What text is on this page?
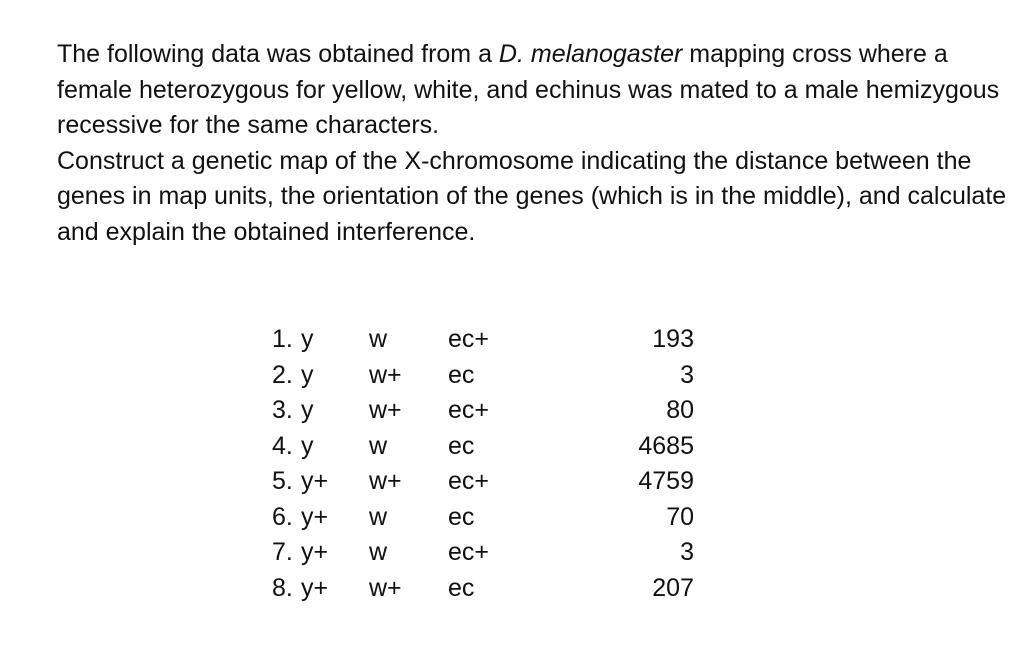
The following data was obtained from a D. melanogaster mapping cross where a female heterozygous for yellow, white, and echinus was mated to a male hemizygous recessive for the same characters.

Construct a genetic map of the X-chromosome indicating the distance between the genes in map units, the orientation of the genes (which is in the middle), and calculate and explain the obtained interference.

1. y w ec+	193
2. y w+ ec	3
3. y w+ ec+	80
4. y w ec	4685
5. y+ w+ ec+	4759
6. y+ w ec	70
7. y+ w ec+	3
8. y+ w+ ec	207
